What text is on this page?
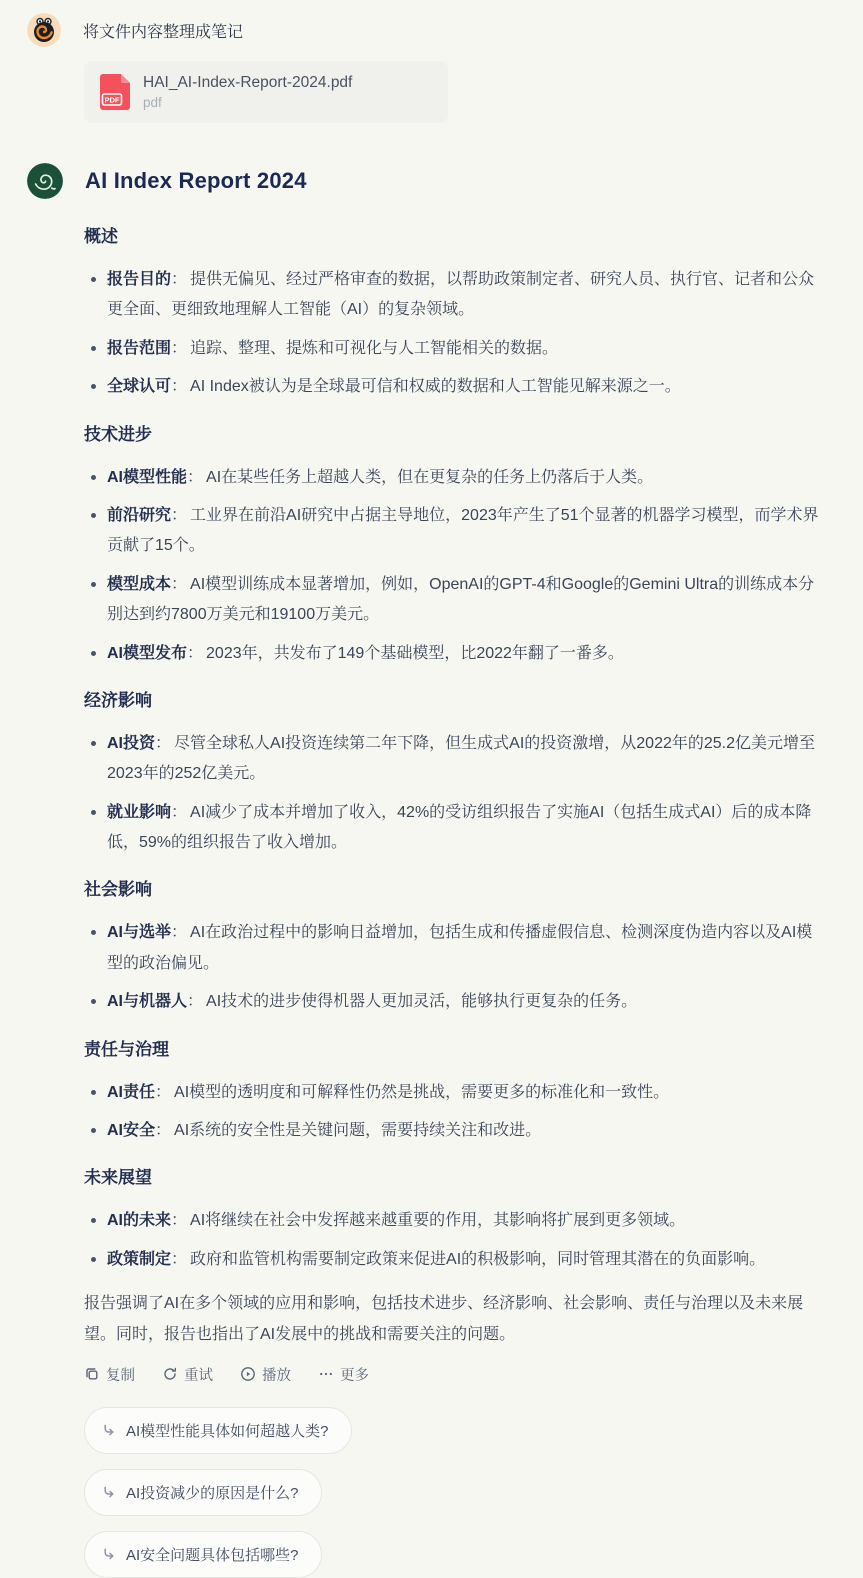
将文件内容整理成笔记
PDF
HAI_AI-Index-Report-2024.pdf
pdf
AI Index Report 2024
概述
报告目的： 提供无偏见、经过严格审查的数据，以帮助政策制定者、研究人员、执行官、记者和公众更全面、更细致地理解人工智能（AI）的复杂领域。
报告范围： 追踪、整理、提炼和可视化与人工智能相关的数据。
全球认可： AI Index被认为是全球最可信和权威的数据和人工智能见解来源之一。
技术进步
AI模型性能： AI在某些任务上超越人类，但在更复杂的任务上仍落后于人类。
前沿研究： 工业界在前沿AI研究中占据主导地位，2023年产生了51个显著的机器学习模型，而学术界贡献了15个。
模型成本： AI模型训练成本显著增加，例如，OpenAI的GPT-4和Google的Gemini Ultra的训练成本分别达到约7800万美元和19100万美元。
AI模型发布： 2023年，共发布了149个基础模型，比2022年翻了一番多。
经济影响
AI投资： 尽管全球私人AI投资连续第二年下降，但生成式AI的投资激增，从2022年的25.2亿美元增至2023年的252亿美元。
就业影响： AI减少了成本并增加了收入，42%的受访组织报告了实施AI（包括生成式AI）后的成本降低，59%的组织报告了收入增加。
社会影响
AI与选举： AI在政治过程中的影响日益增加，包括生成和传播虚假信息、检测深度伪造内容以及AI模型的政治偏见。
AI与机器人： AI技术的进步使得机器人更加灵活，能够执行更复杂的任务。
责任与治理
AI责任： AI模型的透明度和可解释性仍然是挑战，需要更多的标准化和一致性。
AI安全： AI系统的安全性是关键问题，需要持续关注和改进。
未来展望
AI的未来： AI将继续在社会中发挥越来越重要的作用，其影响将扩展到更多领域。
政策制定： 政府和监管机构需要制定政策来促进AI的积极影响，同时管理其潜在的负面影响。

报告强调了AI在多个领域的应用和影响，包括技术进步、经济影响、社会影响、责任与治理以及未来展望。同时，报告也指出了AI发展中的挑战和需要关注的问题。

复制	重试	播放	更多
AI模型性能具体如何超越人类?
AI投资减少的原因是什么?
AI安全问题具体包括哪些?
